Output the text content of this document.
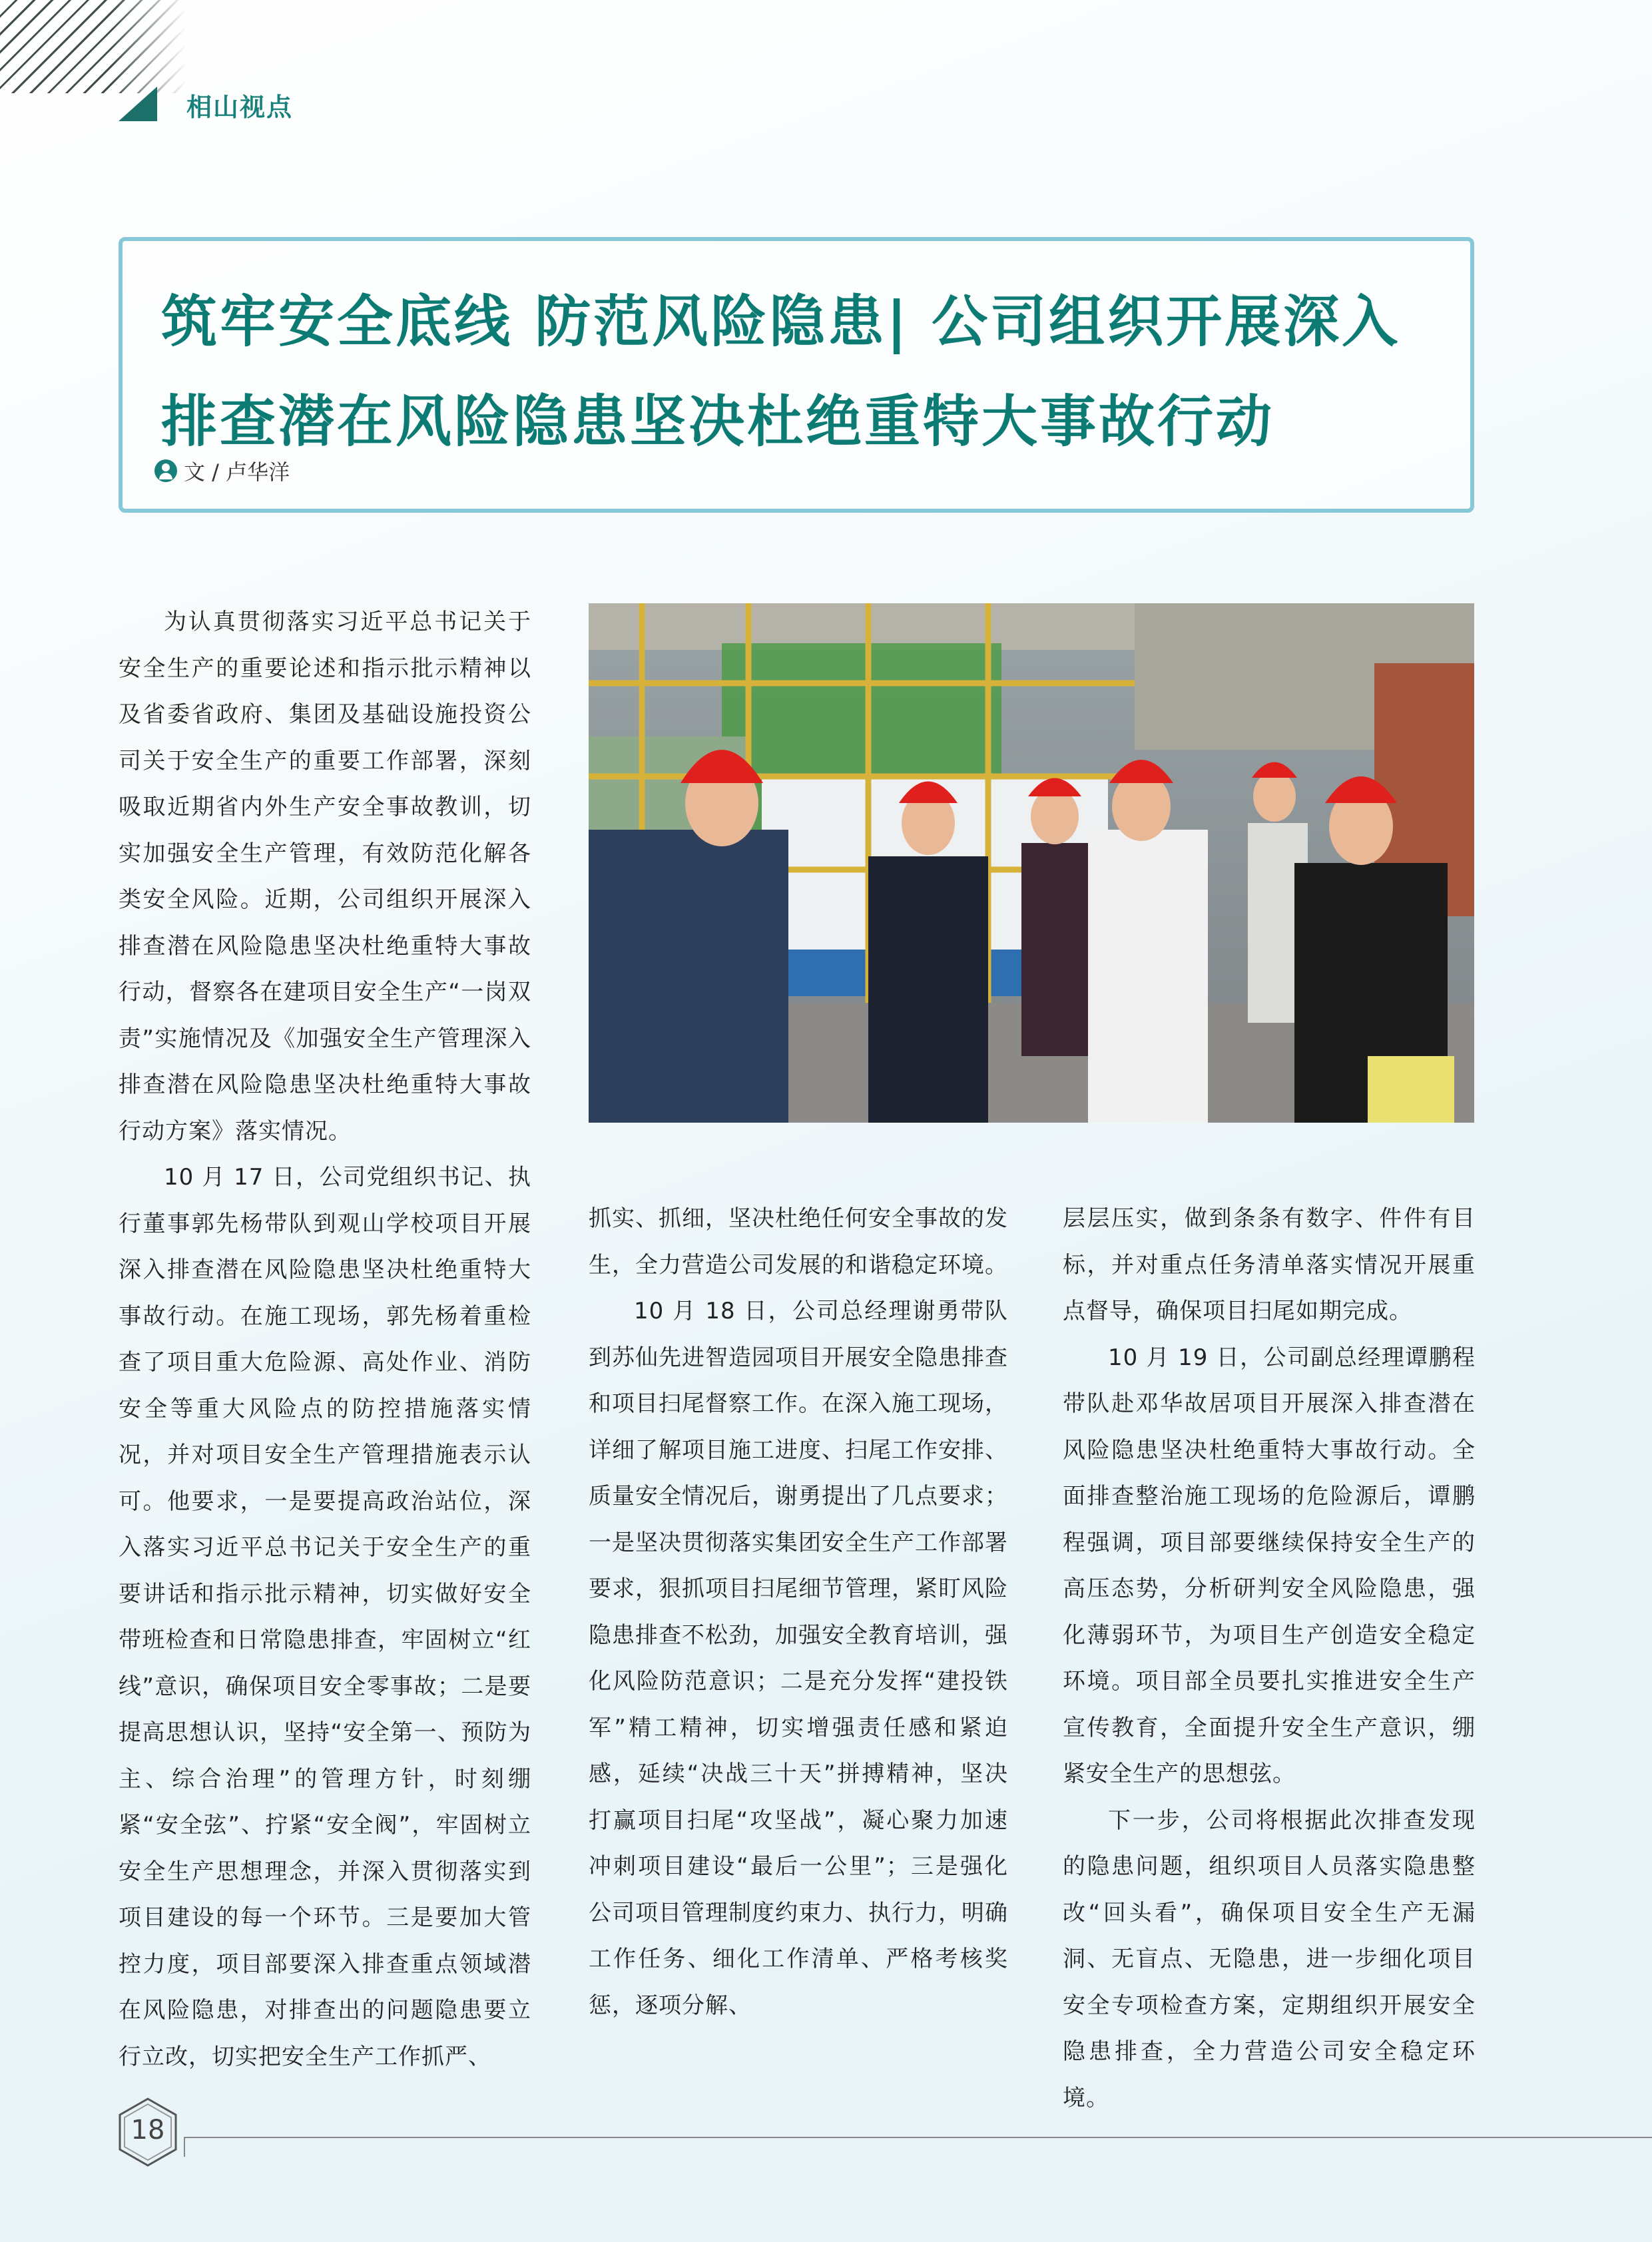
相山视点
筑牢安全底线 防范风险隐患| 公司组织开展深入
排查潜在风险隐患坚决杜绝重特大事故行动
文 / 卢华洋

为认真贯彻落实习近平总书记关于安全生产的重要论述和指示批示精神以及省委省政府、集团及基础设施投资公司关于安全生产的重要工作部署，深刻吸取近期省内外生产安全事故教训，切实加强安全生产管理，有效防范化解各类安全风险。近期，公司组织开展深入排查潜在风险隐患坚决杜绝重特大事故行动，督察各在建项目安全生产“一岗双责”实施情况及《加强安全生产管理深入排查潜在风险隐患坚决杜绝重特大事故行动方案》落实情况。

10 月 17 日，公司党组织书记、执行董事郭先杨带队到观山学校项目开展深入排查潜在风险隐患坚决杜绝重特大事故行动。在施工现场，郭先杨着重检查了项目重大危险源、高处作业、消防安全等重大风险点的防控措施落实情况，并对项目安全生产管理措施表示认可。他要求，一是要提高政治站位，深入落实习近平总书记关于安全生产的重要讲话和指示批示精神，切实做好安全带班检查和日常隐患排查，牢固树立“红线”意识，确保项目安全零事故；二是要提高思想认识，坚持“安全第一、预防为主、综合治理”的管理方针，时刻绷紧“安全弦”、拧紧“安全阀”，牢固树立安全生产思想理念，并深入贯彻落实到项目建设的每一个环节。三是要加大管控力度，项目部要深入排查重点领域潜在风险隐患，对排查出的问题隐患要立行立改，切实把安全生产工作抓严、

抓实、抓细，坚决杜绝任何安全事故的发生，全力营造公司发展的和谐稳定环境。

10 月 18 日，公司总经理谢勇带队到苏仙先进智造园项目开展安全隐患排查和项目扫尾督察工作。在深入施工现场，详细了解项目施工进度、扫尾工作安排、质量安全情况后，谢勇提出了几点要求；一是坚决贯彻落实集团安全生产工作部署要求，狠抓项目扫尾细节管理，紧盯风险隐患排查不松劲，加强安全教育培训，强化风险防范意识；二是充分发挥“建投铁军”精工精神，切实增强责任感和紧迫感，延续“决战三十天”拼搏精神，坚决打赢项目扫尾“攻坚战”，凝心聚力加速冲刺项目建设“最后一公里”；三是强化公司项目管理制度约束力、执行力，明确工作任务、细化工作清单、严格考核奖惩，逐项分解、

层层压实，做到条条有数字、件件有目标，并对重点任务清单落实情况开展重点督导，确保项目扫尾如期完成。

10 月 19 日，公司副总经理谭鹏程带队赴邓华故居项目开展深入排查潜在风险隐患坚决杜绝重特大事故行动。全面排查整治施工现场的危险源后，谭鹏程强调，项目部要继续保持安全生产的高压态势，分析研判安全风险隐患，强化薄弱环节，为项目生产创造安全稳定环境。项目部全员要扎实推进安全生产宣传教育，全面提升安全生产意识，绷紧安全生产的思想弦。

下一步，公司将根据此次排查发现的隐患问题，组织项目人员落实隐患整改“回头看”，确保项目安全生产无漏洞、无盲点、无隐患，进一步细化项目安全专项检查方案，定期组织开展安全隐患排查，全力营造公司安全稳定环境。

18
